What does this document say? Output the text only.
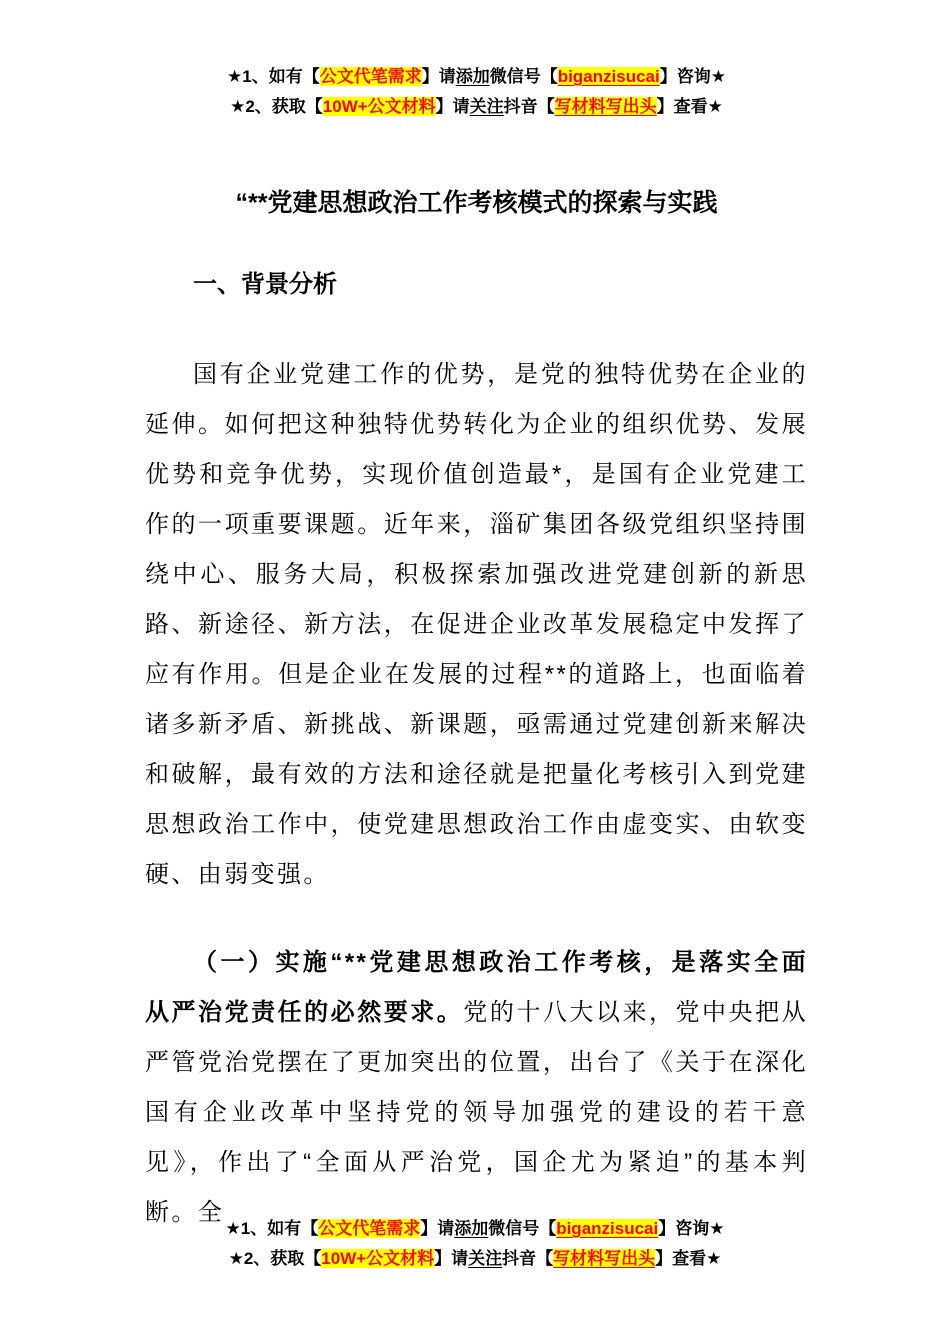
★1、如有【公文代笔需求】请添加微信号【biganzisucai】咨询★
★2、获取【10W+公文材料】请关注抖音【写材料写出头】查看★
“**党建思想政治工作考核模式的探索与实践
一、背景分析

国有企业党建工作的优势，是党的独特优势在企业的延伸。如何把这种独特优势转化为企业的组织优势、发展优势和竞争优势，实现价值创造最*，是国有企业党建工作的一项重要课题。近年来，淄矿集团各级党组织坚持围绕中心、服务大局，积极探索加强改进党建创新的新思路、新途径、新方法，在促进企业改革发展稳定中发挥了应有作用。但是企业在发展的过程**的道路上，也面临着诸多新矛盾、新挑战、新课题，亟需通过党建创新来解决和破解，最有效的方法和途径就是把量化考核引入到党建思想政治工作中，使党建思想政治工作由虚变实、由软变硬、由弱变强。

（一）实施“**党建思想政治工作考核，是落实全面从严治党责任的必然要求。党的十八大以来，党中央把从严管党治党摆在了更加突出的位置，出台了《关于在深化国有企业改革中坚持党的领导加强党的建设的若干意见》，作出了“全面从严治党，国企尤为紧迫”的基本判断。全

★1、如有【公文代笔需求】请添加微信号【biganzisucai】咨询★
★2、获取【10W+公文材料】请关注抖音【写材料写出头】查看★
